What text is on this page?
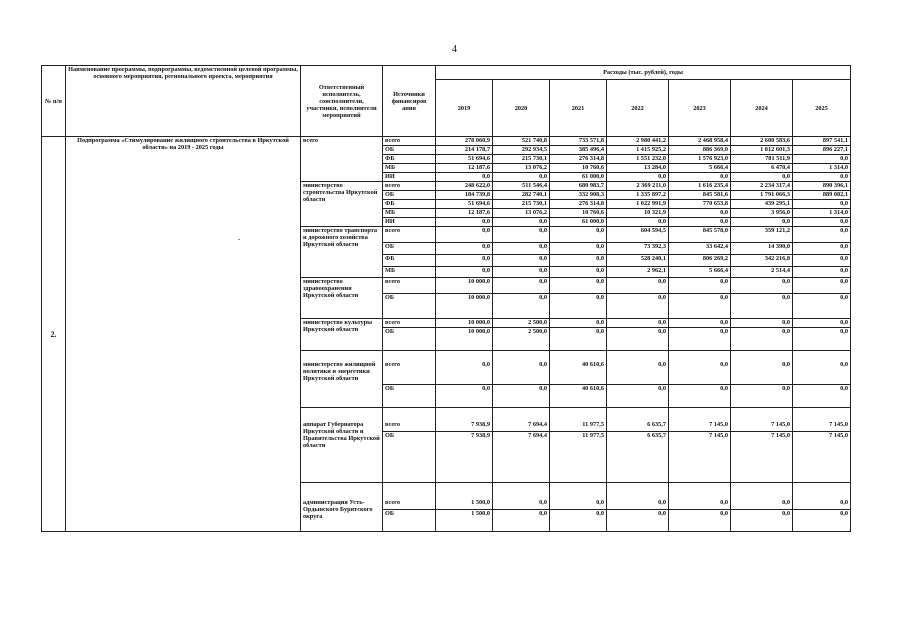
4
-
№ п/п	Наименование программы, подпрограммы, ведомственной целевой программы, основного мероприятия, регионального проекта, мероприятия	Ответственный исполнитель, соисполнители, участники, исполнители мероприятий	Источники финансиров ания	Расходы (тыс. рублей), годы						
				2019	2020	2021	2022	2023	2024	2025
2.	Подпрограмма «Стимулирование жилищного строительства в Иркутской области» на 2019 - 2025 годы	всего	всего	278 060,9	521 740,8	733 571,8	2 980 441,2	2 468 958,4	2 600 583,6	897 541,1
			ОБ	214 178,7	292 934,5	385 496,4	1 415 925,2	886 369,0	1 812 601,3	896 227,1
			ФБ	51 694,6	215 730,1	276 314,8	1 551 232,0	1 576 923,0	781 511,9	0,0
			МБ	12 187,6	13 076,2	10 760,6	13 284,0	5 666,4	6 470,4	1 314,0
			ИИ	0,0	0,0	61 000,0	0,0	0,0	0,0	0,0
		министерство строительства Иркутской области	всего	248 622,0	511 546,4	680 983,7	2 369 211,0	1 616 235,4	2 234 317,4	890 396,1
			ОБ	184 739,8	282 740,1	332 908,3	1 335 897,2	845 581,6	1 791 066,3	889 082,1
			ФБ	51 694,6	215 730,1	276 314,8	1 022 991,9	770 653,8	439 295,1	0,0
			МБ	12 187,6	13 076,2	10 760,6	10 321,9	0,0	3 956,0	1 314,0
			ИИ	0,0	0,0	61 000,0	0,0	0,0	0,0	0,0
		министерство транспорта и дорожного хозяйства Иркутской области	всего	0,0	0,0	0,0	604 594,5	845 578,0	359 121,2	0,0
			ОБ	0,0	0,0	0,0	73 392,3	33 642,4	14 390,0	0,0
			ФБ	0,0	0,0	0,0	528 240,1	806 269,2	342 216,8	0,0
			МБ	0,0	0,0	0,0	2 962,1	5 666,4	2 514,4	0,0
		министерство здравоохранения Иркутской области	всего	10 000,0	0,0	0,0	0,0	0,0	0,0	0,0
			ОБ	10 000,0	0,0	0,0	0,0	0,0	0,0	0,0
		министерство культуры Иркутской области	всего	10 000,0	2 500,0	0,0	0,0	0,0	0,0	0,0
			ОБ	10 000,0	2 500,0	0,0	0,0	0,0	0,0	0,0
		министерство жилищной политики и энергетики Иркутской области	всего	0,0	0,0	40 610,6	0,0	0,0	0,0	0,0
			ОБ	0,0	0,0	40 610,6	0,0	0,0	0,0	0,0
		аппарат Губернатора Иркутской области и Правительства Иркутской области	всего	7 938,9	7 694,4	11 977,5	6 635,7	7 145,0	7 145,0	7 145,0
			ОБ	7 938,9	7 694,4	11 977,5	6 635,7	7 145,0	7 145,0	7 145,0
		администрация Усть-Ордынского Бурятского округа	всего	1 500,0	0,0	0,0	0,0	0,0	0,0	0,0
			ОБ	1 500,0	0,0	0,0	0,0	0,0	0,0	0,0
